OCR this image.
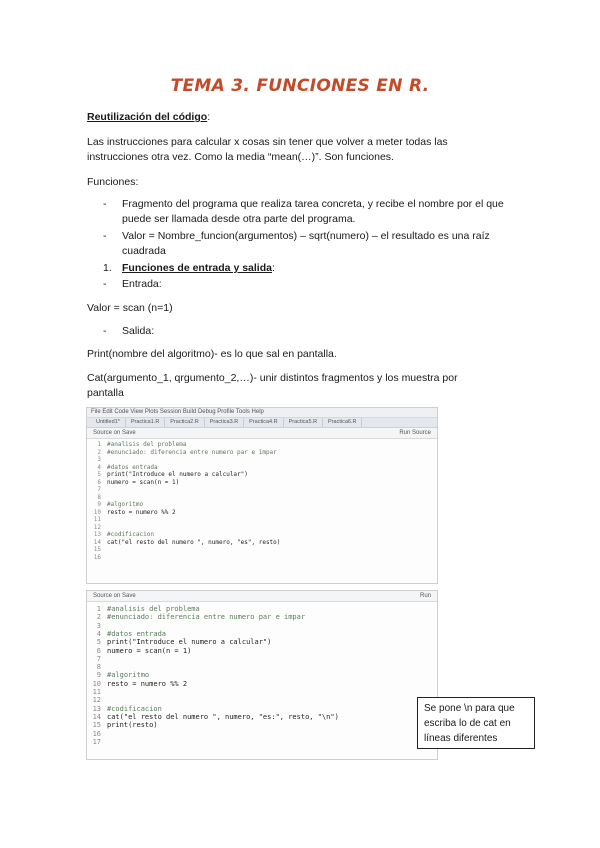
TEMA 3. FUNCIONES EN R.
Reutilización del código:
Las instrucciones para calcular x cosas sin tener que volver a meter todas las instrucciones otra vez. Como la media “mean(…)”. Son funciones.
Funciones:
- Fragmento del programa que realiza tarea concreta, y recibe el nombre por el que puede ser llamada desde otra parte del programa.
- Valor = Nombre_funcion(argumentos) – sqrt(numero) – el resultado es una raíz cuadrada
1. Funciones de entrada y salida:
- Entrada:
Valor = scan (n=1)
- Salida:
Print(nombre del algoritmo)- es lo que sal en pantalla.
Cat(argumento_1, qrgumento_2,…)- unir distintos fragmentos y los muestra por pantalla
File Edit Code View Plots Session Build Debug Profile Tools Help
Untitled1* Practica1.R Practica2.R Practica3.R Practica4.R Practica5.R Practica6.R
Source on Save	Run Source
1 #analisis del problema
2 #enunciado: diferencia entre numero par e impar
3
4 #datos entrada
5 print("Introduce el numero a calcular")
6 numero = scan(n = 1)
7
8
9 #algoritmo
10 resto = numero %% 2
11
12
13 #codificacion
14 cat("el resto del numero ", numero, "es", resto)
15
16
Source on Save	Run
1 #analisis del problema
2 #enunciado: diferencia entre numero par e impar
3
4 #datos entrada
5 print("Introduce el numero a calcular")
6 numero = scan(n = 1)
7
8
9 #algoritmo
10 resto = numero %% 2
11
12
13 #codificacion
14 cat("el resto del numero ", numero, "es:", resto, "\n")
15 print(resto)
16
17
Se pone \n para que escriba lo de cat en líneas diferentes
